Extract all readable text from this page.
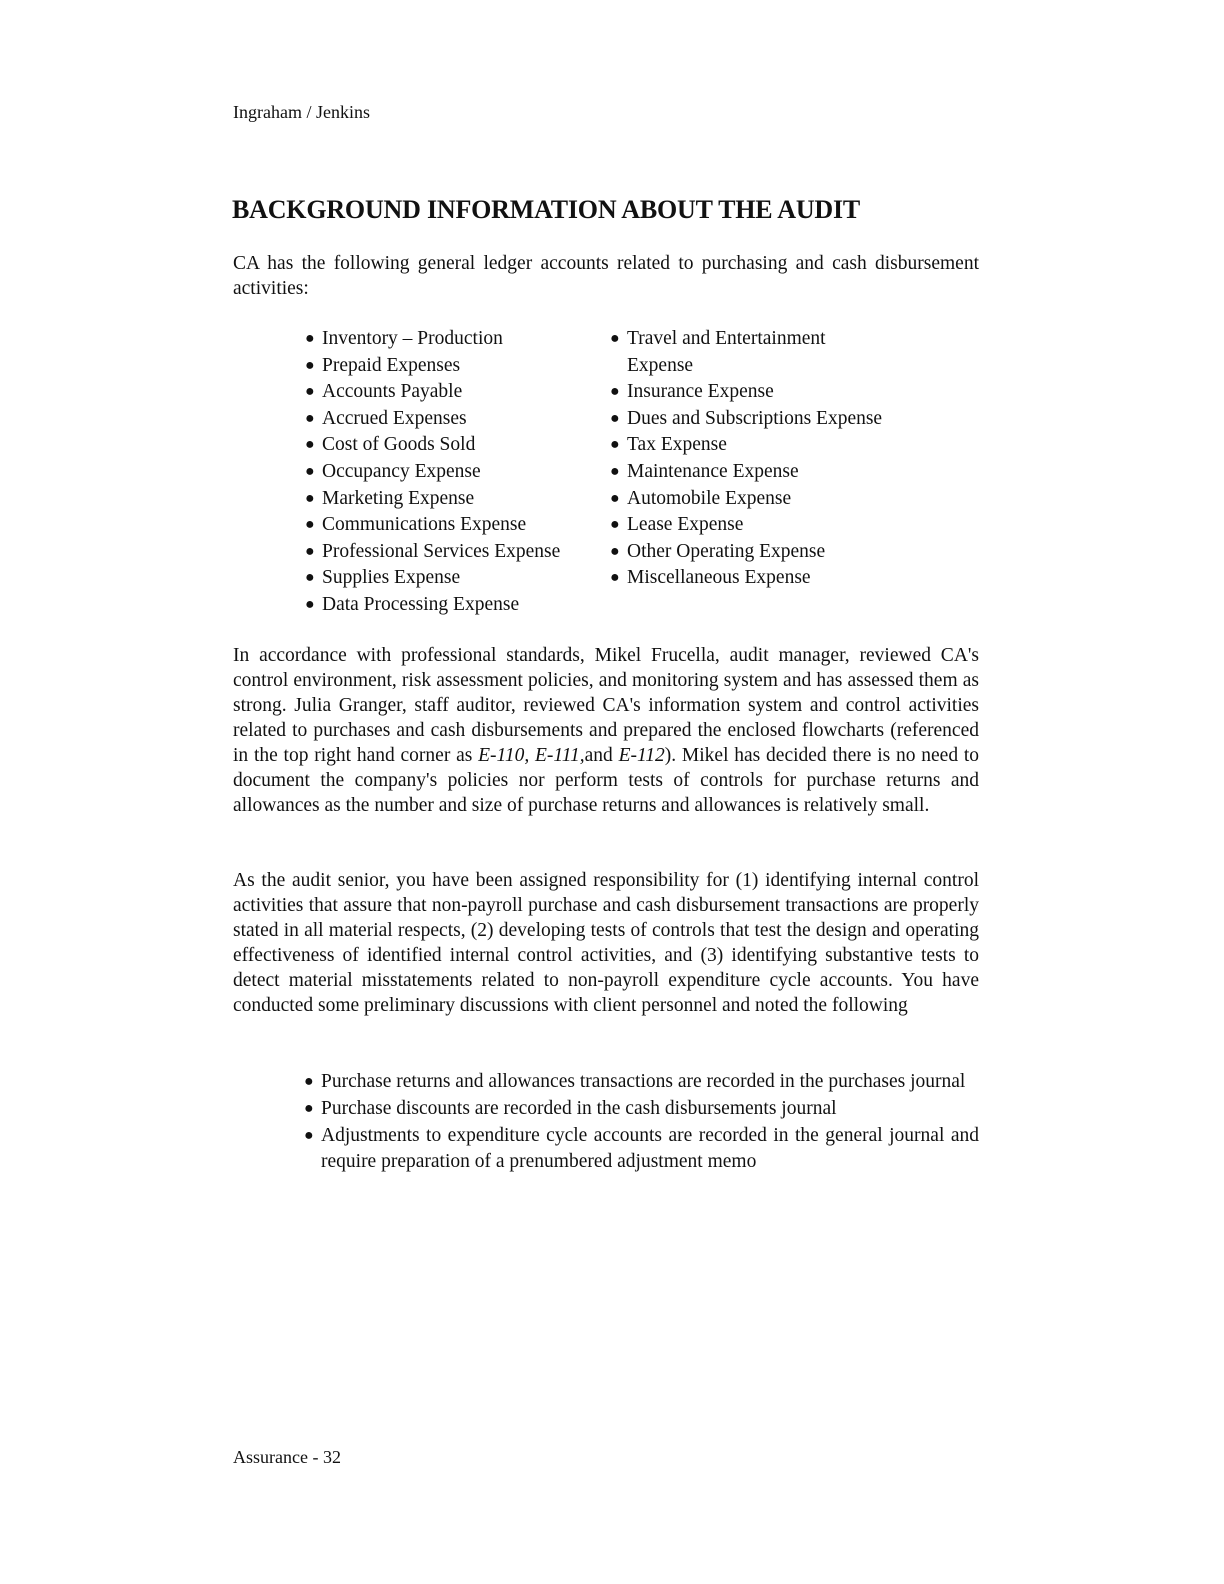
Ingraham / Jenkins
BACKGROUND INFORMATION ABOUT THE AUDIT

CA has the following general ledger accounts related to purchasing and cash disbursement activities:

● Inventory – Production
● Prepaid Expenses
● Accounts Payable
● Accrued Expenses
● Cost of Goods Sold
● Occupancy Expense
● Marketing Expense
● Communications Expense
● Professional Services Expense
● Supplies Expense
● Data Processing Expense
● Travel and Entertainment Expense
● Insurance Expense
● Dues and Subscriptions Expense
● Tax Expense
● Maintenance Expense
● Automobile Expense
● Lease Expense
● Other Operating Expense
● Miscellaneous Expense

In accordance with professional standards, Mikel Frucella, audit manager, reviewed CA's control environment, risk assessment policies, and monitoring system and has assessed them as strong. Julia Granger, staff auditor, reviewed CA's information system and control activities related to purchases and cash disbursements and prepared the enclosed flowcharts (referenced in the top right hand corner as E-110, E-111,and E-112). Mikel has decided there is no need to document the company's policies nor perform tests of controls for purchase returns and allowances as the number and size of purchase returns and allowances is relatively small.

As the audit senior, you have been assigned responsibility for (1) identifying internal control activities that assure that non-payroll purchase and cash disbursement transactions are properly stated in all material respects, (2) developing tests of controls that test the design and operating effectiveness of identified internal control activities, and (3) identifying substantive tests to detect material misstatements related to non-payroll expenditure cycle accounts. You have conducted some preliminary discussions with client personnel and noted the following

● Purchase returns and allowances transactions are recorded in the purchases journal
● Purchase discounts are recorded in the cash disbursements journal
● Adjustments to expenditure cycle accounts are recorded in the general journal and require preparation of a prenumbered adjustment memo
Assurance - 32
